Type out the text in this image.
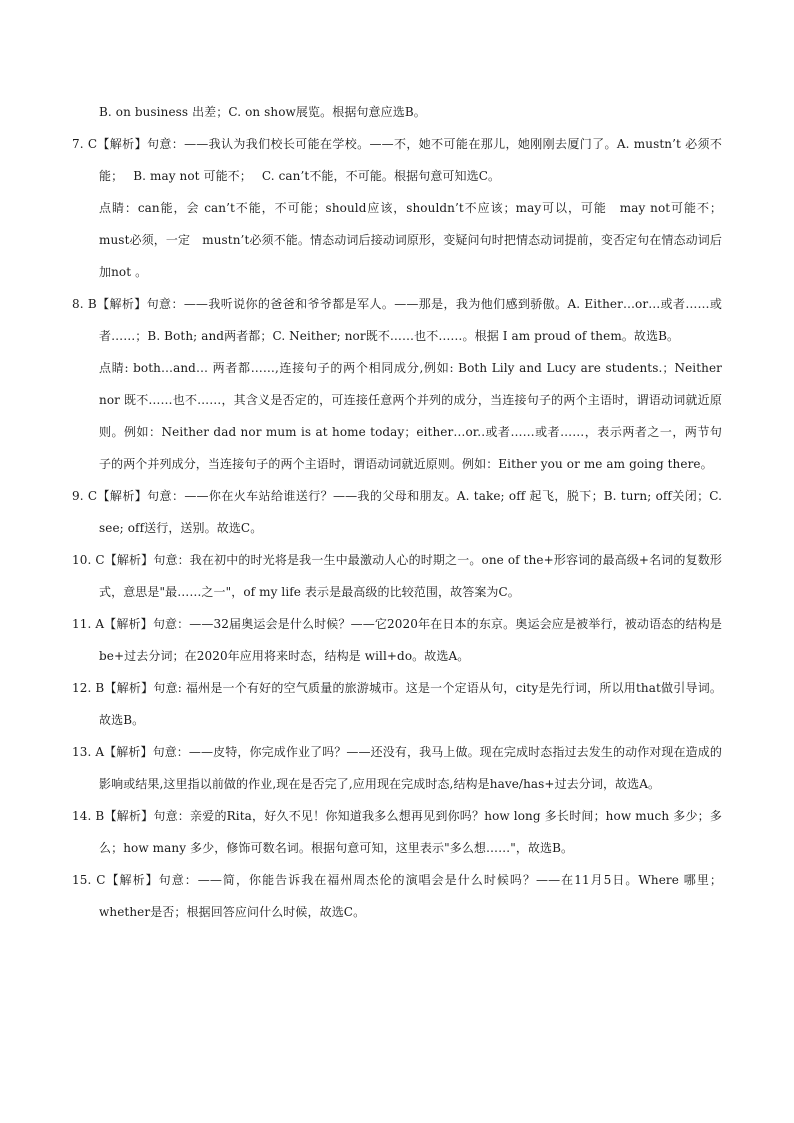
B. on business 出差；C. on show展览。根据句意应选B。

7. C【解析】句意：——我认为我们校长可能在学校。——不，她不可能在那儿，她刚刚去厦门了。A. mustn’t 必须不能；　 B. may not 可能不；　 C. can’t不能，不可能。根据句意可知选C。

点睛：can能，会 can’t不能，不可能；should应该，shouldn’t不应该；may可以，可能　may not可能不；must必须，一定　mustn’t必须不能。情态动词后接动词原形，变疑问句时把情态动词提前，变否定句在情态动词后加not 。

8. B【解析】句意：——我听说你的爸爸和爷爷都是军人。——那是，我为他们感到骄傲。A. Either…or…或者……或者……；B. Both; and两者都；C. Neither; nor既不……也不……。根据 I am proud of them。故选B。

点睛: both…and… 两者都……,连接句子的两个相同成分,例如: Both Lily and Lucy are students.；Neither nor 既不……也不……，其含义是否定的，可连接任意两个并列的成分，当连接句子的两个主语时，谓语动词就近原则。例如：Neither dad nor mum is at home today；either…or..或者……或者……，表示两者之一，两节句子的两个并列成分，当连接句子的两个主语时，谓语动词就近原则。例如：Either you or me am going there。

9. C【解析】句意：——你在火车站给谁送行？——我的父母和朋友。A. take; off 起飞，脱下；B. turn; off关闭；C. see; off送行，送别。故选C。

10. C【解析】句意：我在初中的时光将是我一生中最激动人心的时期之一。one of the+形容词的最高级+名词的复数形式，意思是"最……之一"，of my life 表示是最高级的比较范围，故答案为C。

11. A【解析】句意：——32届奥运会是什么时候？——它2020年在日本的东京。奥运会应是被举行，被动语态的结构是be+过去分词；在2020年应用将来时态，结构是 will+do。故选A。

12. B【解析】句意: 福州是一个有好的空气质量的旅游城市。这是一个定语从句，city是先行词，所以用that做引导词。故选B。

13. A【解析】句意：——皮特，你完成作业了吗？——还没有，我马上做。现在完成时态指过去发生的动作对现在造成的影响或结果,这里指以前做的作业,现在是否完了,应用现在完成时态,结构是have/has+过去分词，故选A。

14. B【解析】句意：亲爱的Rita，好久不见！你知道我多么想再见到你吗？how long 多长时间；how much 多少；多么；how many 多少，修饰可数名词。根据句意可知，这里表示"多么想……"，故选B。

15. C【解析】句意：——简，你能告诉我在福州周杰伦的演唱会是什么时候吗？——在11月5日。Where 哪里；whether是否；根据回答应问什么时候，故选C。
